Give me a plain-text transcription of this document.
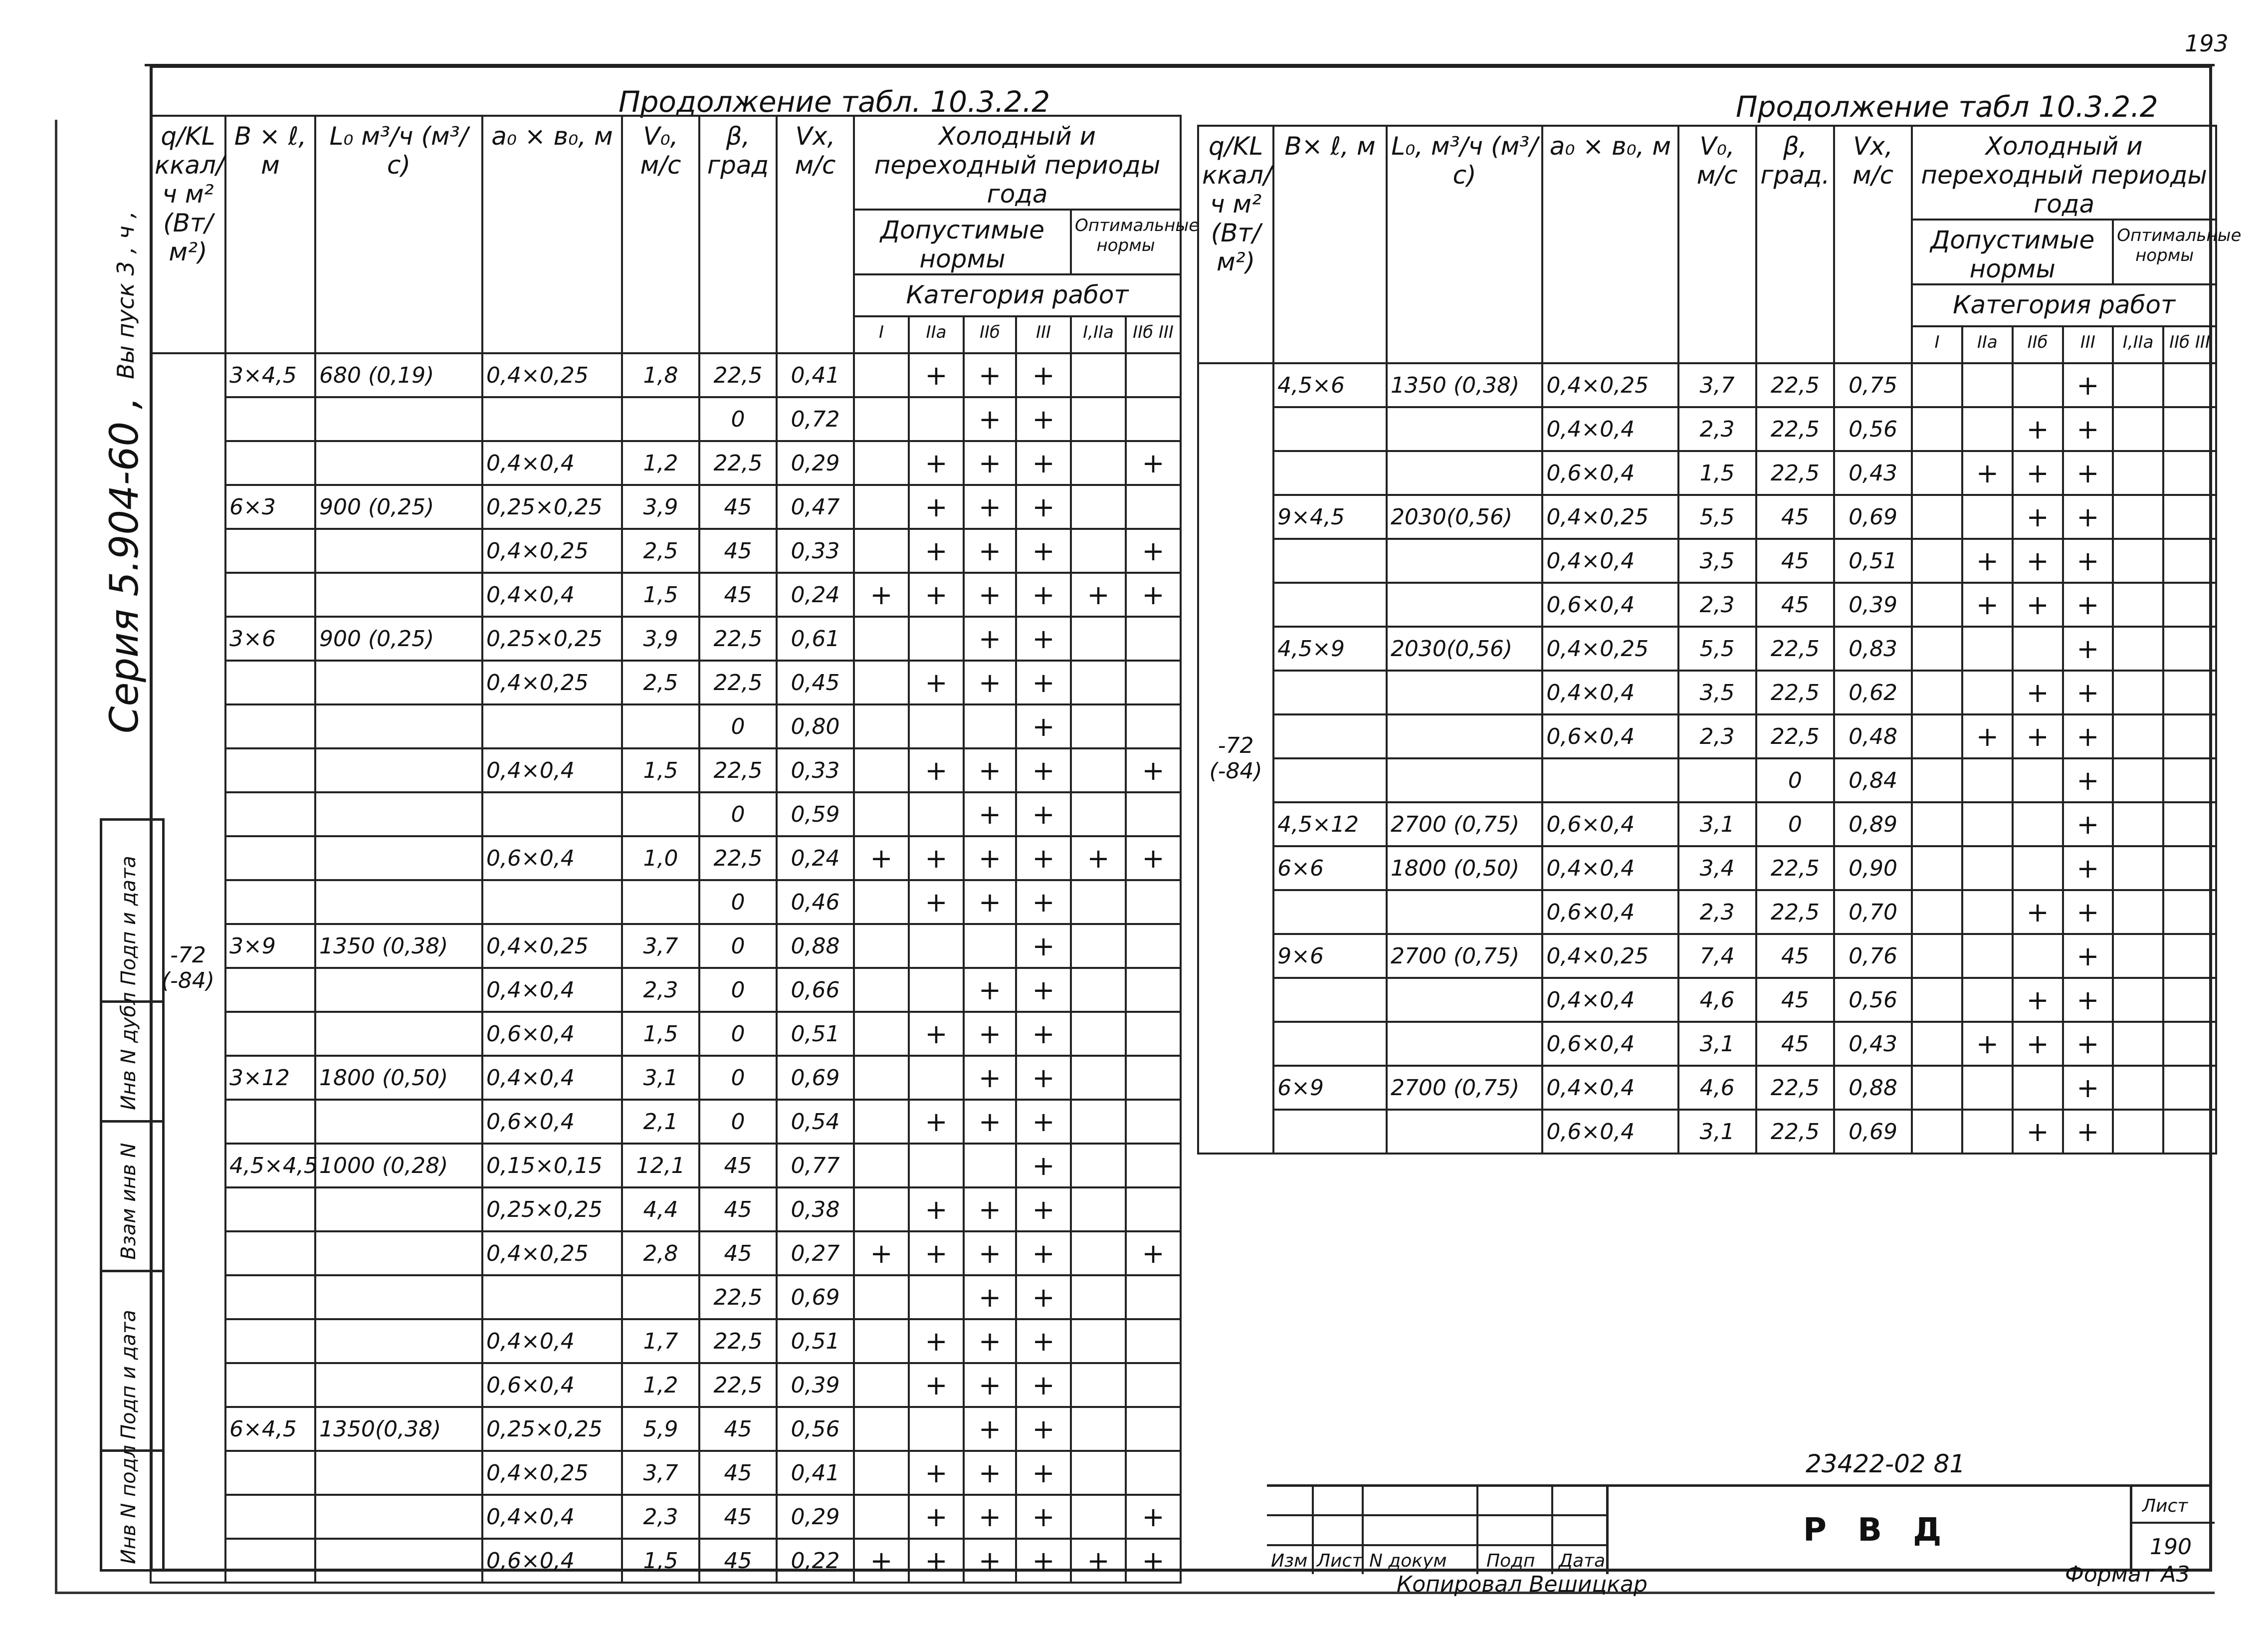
193
Серия 5.904-60 ,
Вы пуск 3 , ч ,
Подп и дата
Инв N дубл
Взам инв N
Подп и дата
Инв N подл
Продолжение табл. 10.3.2.2	Продолжение табл 10.3.2.2
q/KL ккал/ч м² (Вт/м²)	В × ℓ, м	L₀ м³/ч (м³/с)	a₀ × в₀, м	V₀, м/с	β, град	Vx, м/с	Холодный и переходный периоды года					
							Допустимые нормы				Оптимальные нормы	
							Категория работ					
							I	IIa	IIб	III	I,IIa	IIб III

-72
(-84)	3×4,5	680 (0,19)	0,4×0,25	1,8	22,5	0,41		+	+	+		
					0	0,72			+	+		
			0,4×0,4	1,2	22,5	0,29		+	+	+		+
	6×3	900 (0,25)	0,25×0,25	3,9	45	0,47		+	+	+		
			0,4×0,25	2,5	45	0,33		+	+	+		+
			0,4×0,4	1,5	45	0,24	+	+	+	+	+	+
	3×6	900 (0,25)	0,25×0,25	3,9	22,5	0,61			+	+		
			0,4×0,25	2,5	22,5	0,45		+	+	+		
					0	0,80				+		
			0,4×0,4	1,5	22,5	0,33		+	+	+		+
					0	0,59			+	+		
			0,6×0,4	1,0	22,5	0,24	+	+	+	+	+	+
					0	0,46		+	+	+		
	3×9	1350 (0,38)	0,4×0,25	3,7	0	0,88				+		
			0,4×0,4	2,3	0	0,66			+	+		
			0,6×0,4	1,5	0	0,51		+	+	+		
	3×12	1800 (0,50)	0,4×0,4	3,1	0	0,69			+	+		
			0,6×0,4	2,1	0	0,54		+	+	+		
	4,5×4,5	1000 (0,28)	0,15×0,15	12,1	45	0,77				+		
			0,25×0,25	4,4	45	0,38		+	+	+		
			0,4×0,25	2,8	45	0,27	+	+	+	+		+
					22,5	0,69			+	+		
			0,4×0,4	1,7	22,5	0,51		+	+	+		
			0,6×0,4	1,2	22,5	0,39		+	+	+		
	6×4,5	1350(0,38)	0,25×0,25	5,9	45	0,56			+	+		
			0,4×0,25	3,7	45	0,41		+	+	+		
			0,4×0,4	2,3	45	0,29		+	+	+		+
			0,6×0,4	1,5	45	0,22	+	+	+	+	+	+
q/KL ккал/ч м² (Вт/м²)	В× ℓ, м	L₀, м³/ч (м³/с)	a₀ × в₀, м	V₀, м/с	β, град.	Vx, м/с	Холодный и переходный периоды года					
							Допустимые нормы				Оптимальные нормы	
							Категория работ					
							I	IIa	IIб	III	I,IIa	IIб III

-72
(-84)	4,5×6	1350 (0,38)	0,4×0,25	3,7	22,5	0,75				+		
			0,4×0,4	2,3	22,5	0,56			+	+		
			0,6×0,4	1,5	22,5	0,43		+	+	+		
	9×4,5	2030(0,56)	0,4×0,25	5,5	45	0,69			+	+		
			0,4×0,4	3,5	45	0,51		+	+	+		
			0,6×0,4	2,3	45	0,39		+	+	+		
	4,5×9	2030(0,56)	0,4×0,25	5,5	22,5	0,83				+		
			0,4×0,4	3,5	22,5	0,62			+	+		
			0,6×0,4	2,3	22,5	0,48		+	+	+		
					0	0,84				+		
	4,5×12	2700 (0,75)	0,6×0,4	3,1	0	0,89				+		
	6×6	1800 (0,50)	0,4×0,4	3,4	22,5	0,90				+		
			0,6×0,4	2,3	22,5	0,70			+	+		
	9×6	2700 (0,75)	0,4×0,25	7,4	45	0,76				+		
			0,4×0,4	4,6	45	0,56			+	+		
			0,6×0,4	3,1	45	0,43		+	+	+		
	6×9	2700 (0,75)	0,4×0,4	4,6	22,5	0,88				+		
			0,6×0,4	3,1	22,5	0,69			+	+		
23422-02 81
Изм Лист N докум Подп Дата
Р В Д
Лист
190
Копировал Вешицкар	Формат А3
